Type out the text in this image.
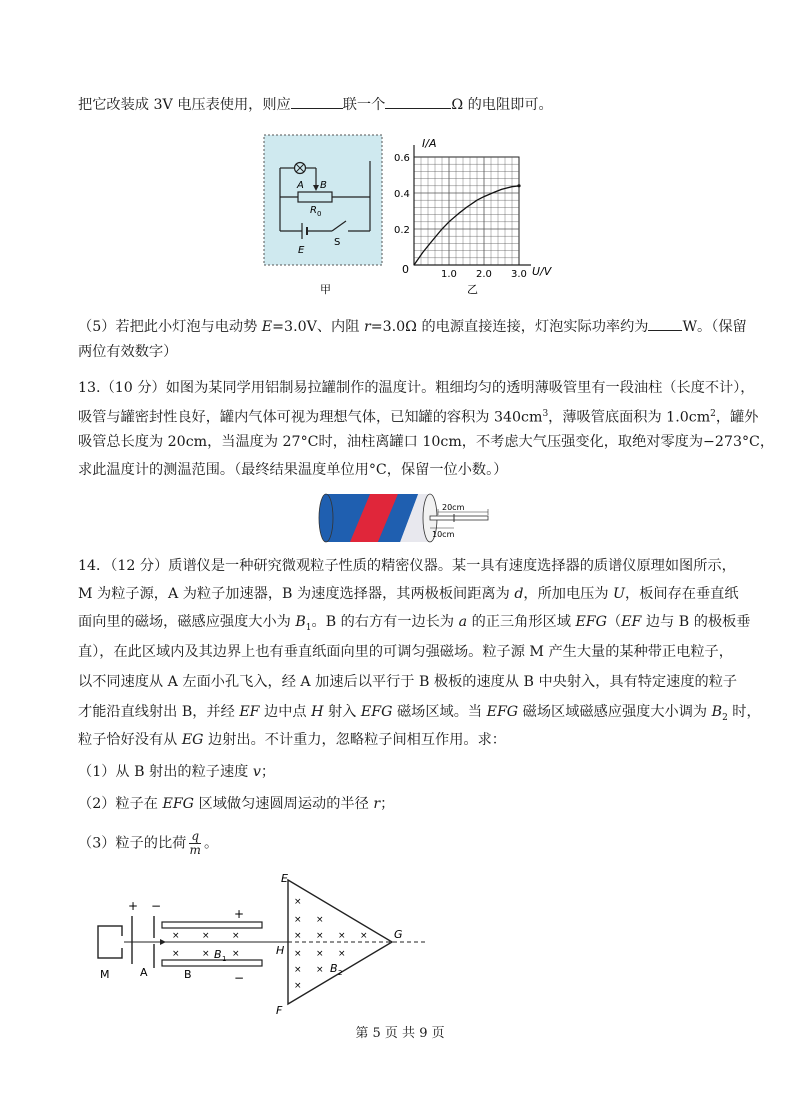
把它改装成 3V 电压表使用，则应	联一个	Ω 的电阻即可。
A B
R 0
E
S
甲
1.0 2.0 3.0
0.2
0.4
0.6
I/A
U/V
0
乙
（5）若把此小灯泡与电动势 E=3.0V、内阻 r=3.0Ω 的电源直接连接，灯泡实际功率约为 W。（保留
两位有效数字）
13.（10 分）如图为某同学用铝制易拉罐制作的温度计。粗细均匀的透明薄吸管里有一段油柱（长度不计），
吸管与罐密封性良好，罐内气体可视为理想气体，已知罐的容积为 $340cm^3$，薄吸管底面积为 $1.0cm^2$，罐外
吸管总长度为 20cm，当温度为 27°C时，油柱离罐口 10cm，不考虑大气压强变化，取绝对零度为−273°C，
求此温度计的测温范围。（最终结果温度单位用°C，保留一位小数。）
20cm
10cm
14．（12 分）质谱仪是一种研究微观粒子性质的精密仪器。某一具有速度选择器的质谱仪原理如图所示，
M 为粒子源，A 为粒子加速器，B 为速度选择器，其两极板间距离为 d，所加电压为 U，板间存在垂直纸
面向里的磁场，磁感应强度大小为 $B_1$。B 的右方有一边长为 a 的正三角形区域 EFG（EF 边与 B 的极板垂
直），在此区域内及其边界上也有垂直纸面向里的可调匀强磁场。粒子源 M 产生大量的某种带正电粒子，
以不同速度从 A 左面小孔飞入，经 A 加速后以平行于 B 极板的速度从 B 中央射入，具有特定速度的粒子
才能沿直线射出 B，并经 EF 边中点 H 射入 EFG 磁场区域。当 EFG 磁场区域磁感应强度大小调为 $B_2$ 时，
粒子恰好没有从 EG 边射出。不计重力，忽略粒子间相互作用。求：
（1）从 B 射出的粒子速度 v；
（2）粒子在 EFG 区域做匀速圆周运动的半径 r；
（3）粒子的比荷 $\frac{q}{m}$ 。
M
+ −
A
+
−
B
× × ×
× × ×
B 1
E
F
G
H
×
× ×
× × × ×
× × ×
× ×
×
B 2
第 5 页 共 9 页
